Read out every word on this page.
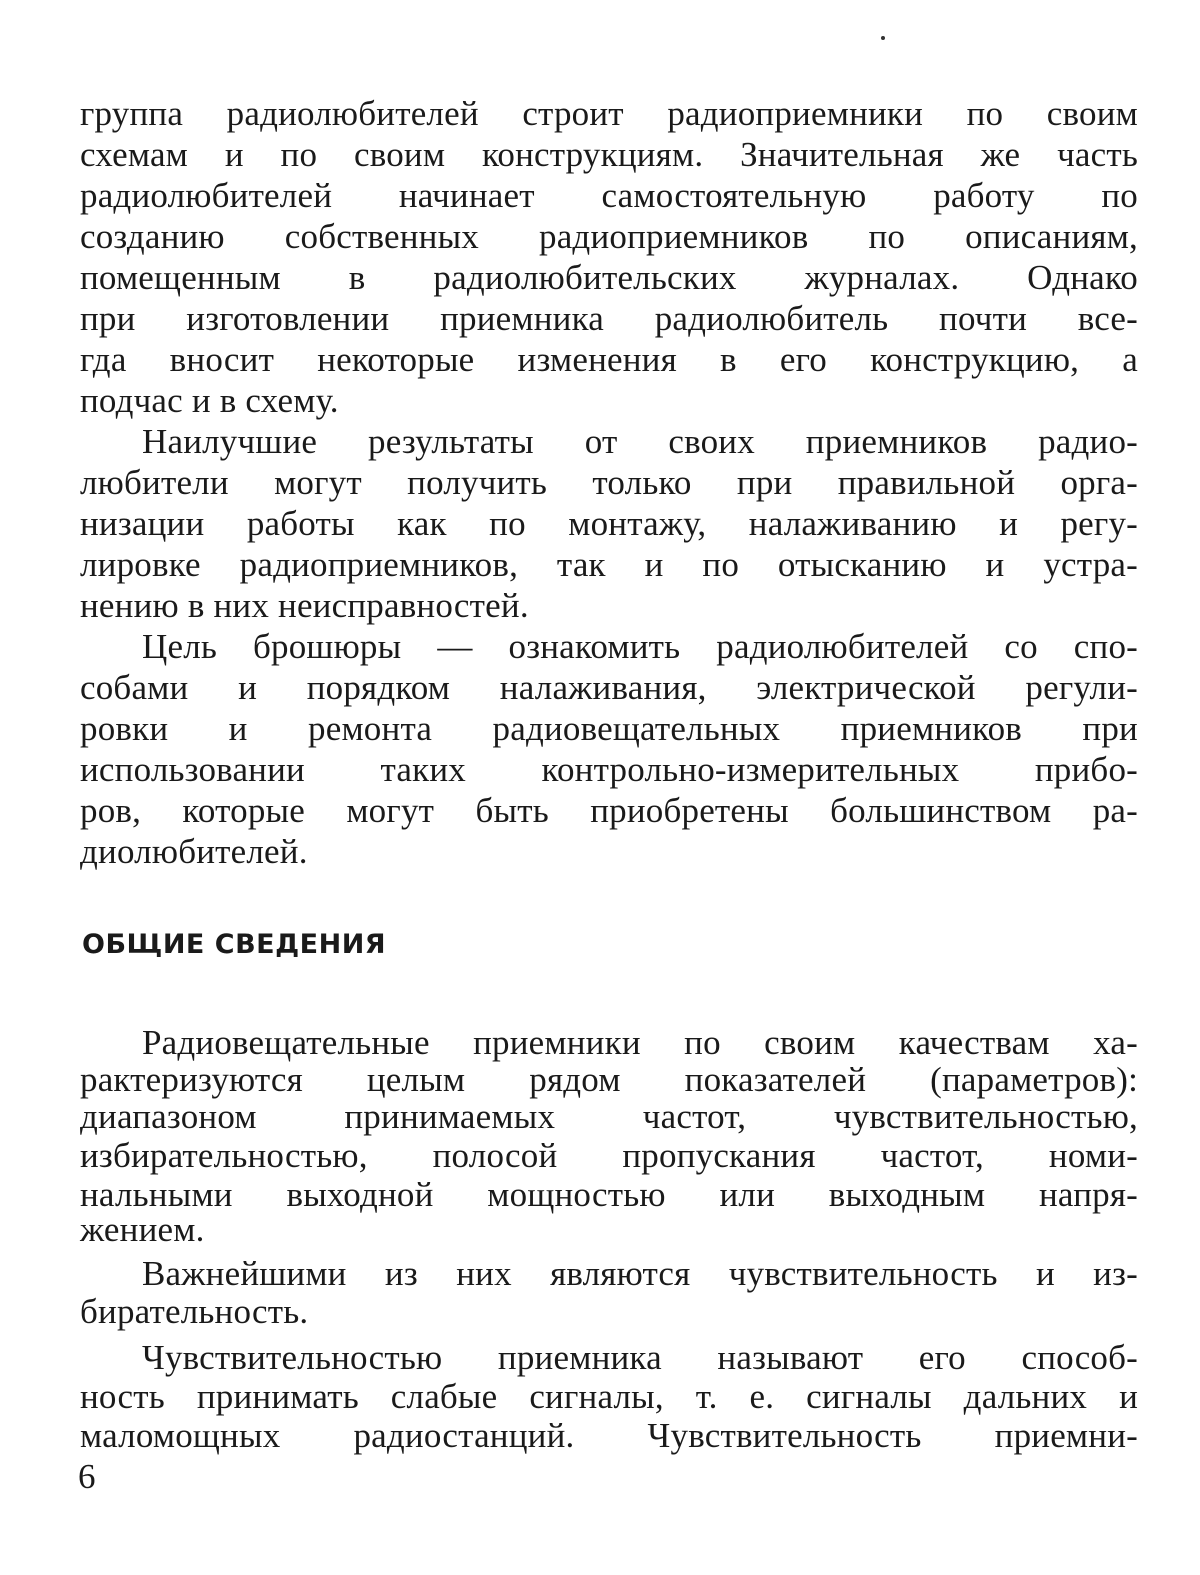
группа радиолюбителей строит радиоприемники по своим
схемам и по своим конструкциям. Значительная же часть
радиолюбителей начинает самостоятельную работу по
созданию собственных радиоприемников по описаниям,
помещенным в радиолюбительских журналах. Однако
при изготовлении приемника радиолюбитель почти все-
гда вносит некоторые изменения в его конструкцию, а
подчас и в схему.
Наилучшие результаты от своих приемников радио-
любители могут получить только при правильной орга-
низации работы как по монтажу, налаживанию и регу-
лировке радиоприемников, так и по отысканию и устра-
нению в них неисправностей.
Цель брошюры — ознакомить радиолюбителей со спо-
собами и порядком налаживания, электрической регули-
ровки и ремонта радиовещательных приемников при
использовании таких контрольно-измерительных прибо-
ров, которые могут быть приобретены большинством ра-
диолюбителей.
ОБЩИЕ СВЕДЕНИЯ
Радиовещательные приемники по своим качествам ха-
рактеризуются целым рядом показателей (параметров):
диапазоном принимаемых частот, чувствительностью,
избирательностью, полосой пропускания частот, номи-
нальными выходной мощностью или выходным напря-
жением.
Важнейшими из них являются чувствительность и из-
бирательность.
Чувствительностью приемника называют его способ-
ность принимать слабые сигналы, т. е. сигналы дальних и
маломощных радиостанций. Чувствительность приемни-
6
